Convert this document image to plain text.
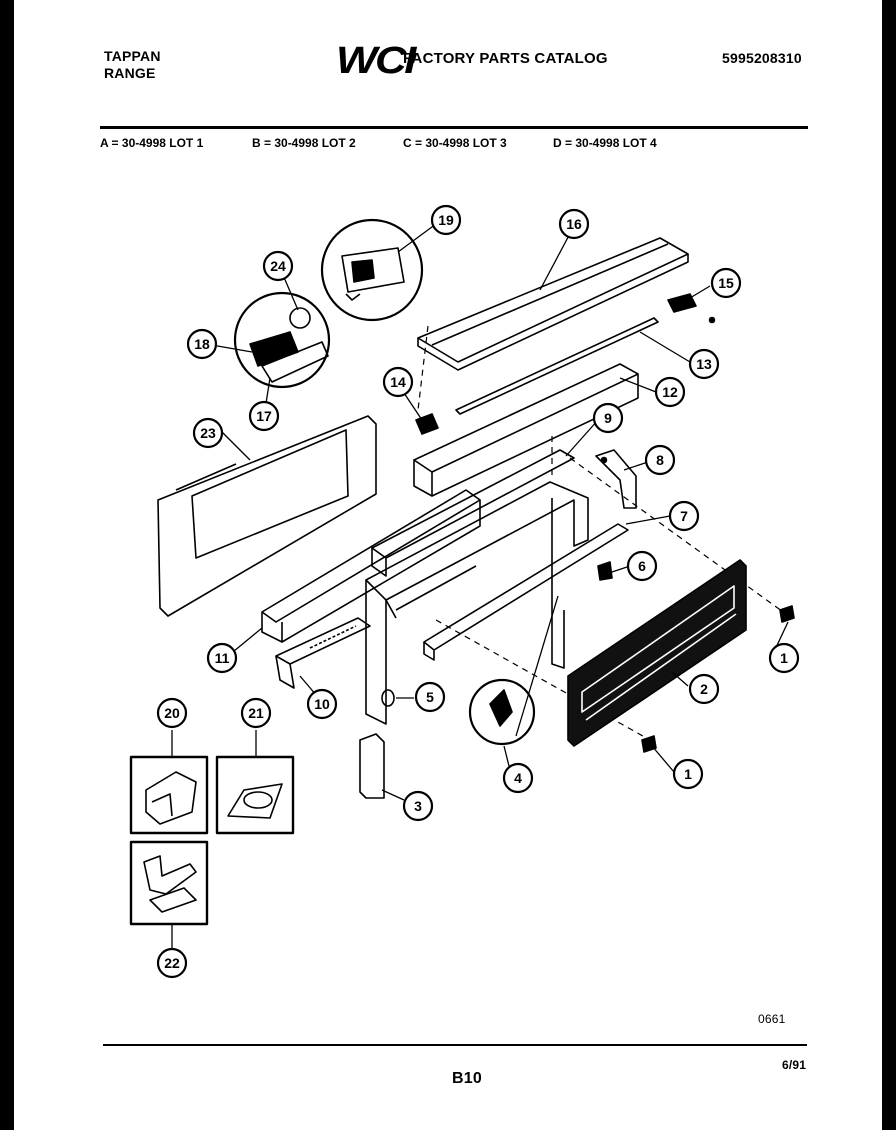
TAPPAN
RANGE	WCI
FACTORY PARTS CATALOG	5995208310
A = 30-4998 LOT 1	B = 30-4998 LOT 2	C = 30-4998 LOT 3	D = 30-4998 LOT 4
1
1
2
3
4
5
6
7
8
9
10
11
12
13
14
15
16
17
18
19
20	21
22
23
24
0661
B10
6/91
